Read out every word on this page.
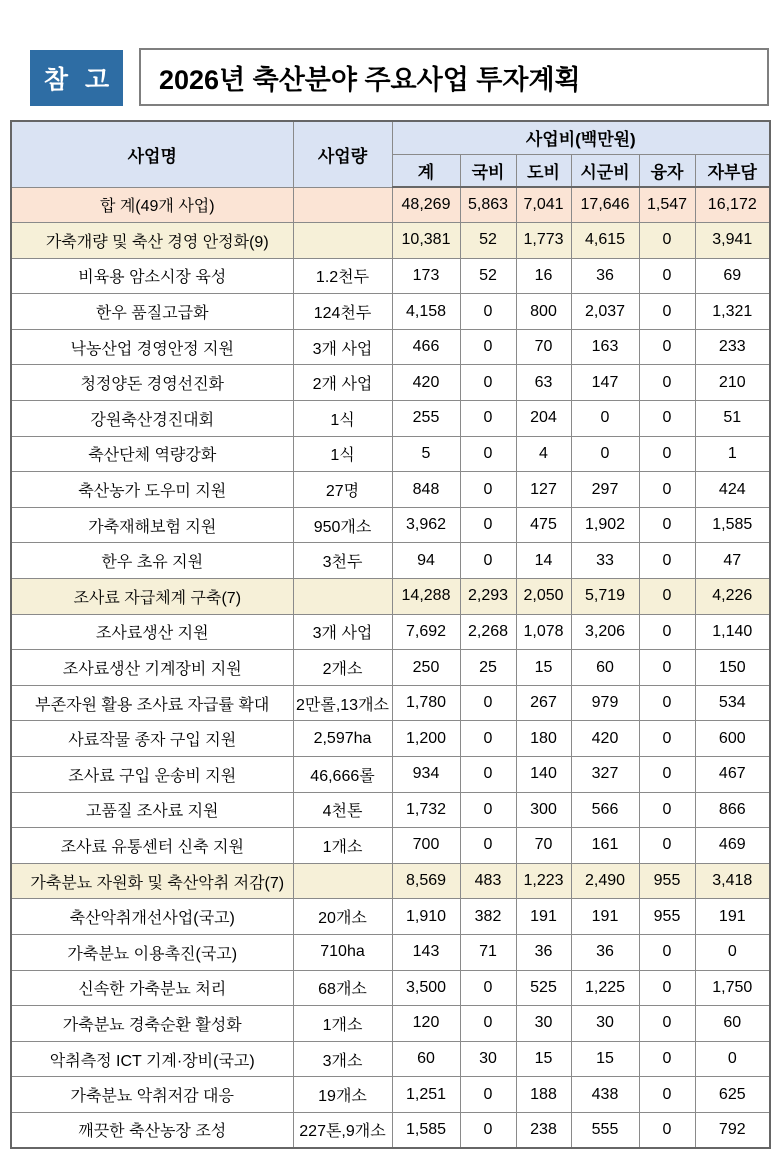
참 고 2026년 축산분야 주요사업 투자계획
사업명	사업량	사업비(백만원)					
		계	국비	도비	시군비	융자	자부담
합 계(49개 사업)		48,269	5,863	7,041	17,646	1,547	16,172
가축개량 및 축산 경영 안정화(9)		10,381	52	1,773	4,615	0	3,941
비육용 암소시장 육성	1.2천두	173	52	16	36	0	69
한우 품질고급화	124천두	4,158	0	800	2,037	0	1,321
낙농산업 경영안정 지원	3개 사업	466	0	70	163	0	233
청정양돈 경영선진화	2개 사업	420	0	63	147	0	210
강원축산경진대회	1식	255	0	204	0	0	51
축산단체 역량강화	1식	5	0	4	0	0	1
축산농가 도우미 지원	27명	848	0	127	297	0	424
가축재해보험 지원	950개소	3,962	0	475	1,902	0	1,585
한우 초유 지원	3천두	94	0	14	33	0	47
조사료 자급체계 구축(7)		14,288	2,293	2,050	5,719	0	4,226
조사료생산 지원	3개 사업	7,692	2,268	1,078	3,206	0	1,140
조사료생산 기계장비 지원	2개소	250	25	15	60	0	150
부존자원 활용 조사료 자급률 확대	2만롤,13개소	1,780	0	267	979	0	534
사료작물 종자 구입 지원	2,597ha	1,200	0	180	420	0	600
조사료 구입 운송비 지원	46,666롤	934	0	140	327	0	467
고품질 조사료 지원	4천톤	1,732	0	300	566	0	866
조사료 유통센터 신축 지원	1개소	700	0	70	161	0	469
가축분뇨 자원화 및 축산악취 저감(7)		8,569	483	1,223	2,490	955	3,418
축산악취개선사업(국고)	20개소	1,910	382	191	191	955	191
가축분뇨 이용촉진(국고)	710ha	143	71	36	36	0	0
신속한 가축분뇨 처리	68개소	3,500	0	525	1,225	0	1,750
가축분뇨 경축순환 활성화	1개소	120	0	30	30	0	60
악취측정 ICT 기계·장비(국고)	3개소	60	30	15	15	0	0
가축분뇨 악취저감 대응	19개소	1,251	0	188	438	0	625
깨끗한 축산농장 조성	227톤,9개소	1,585	0	238	555	0	792
